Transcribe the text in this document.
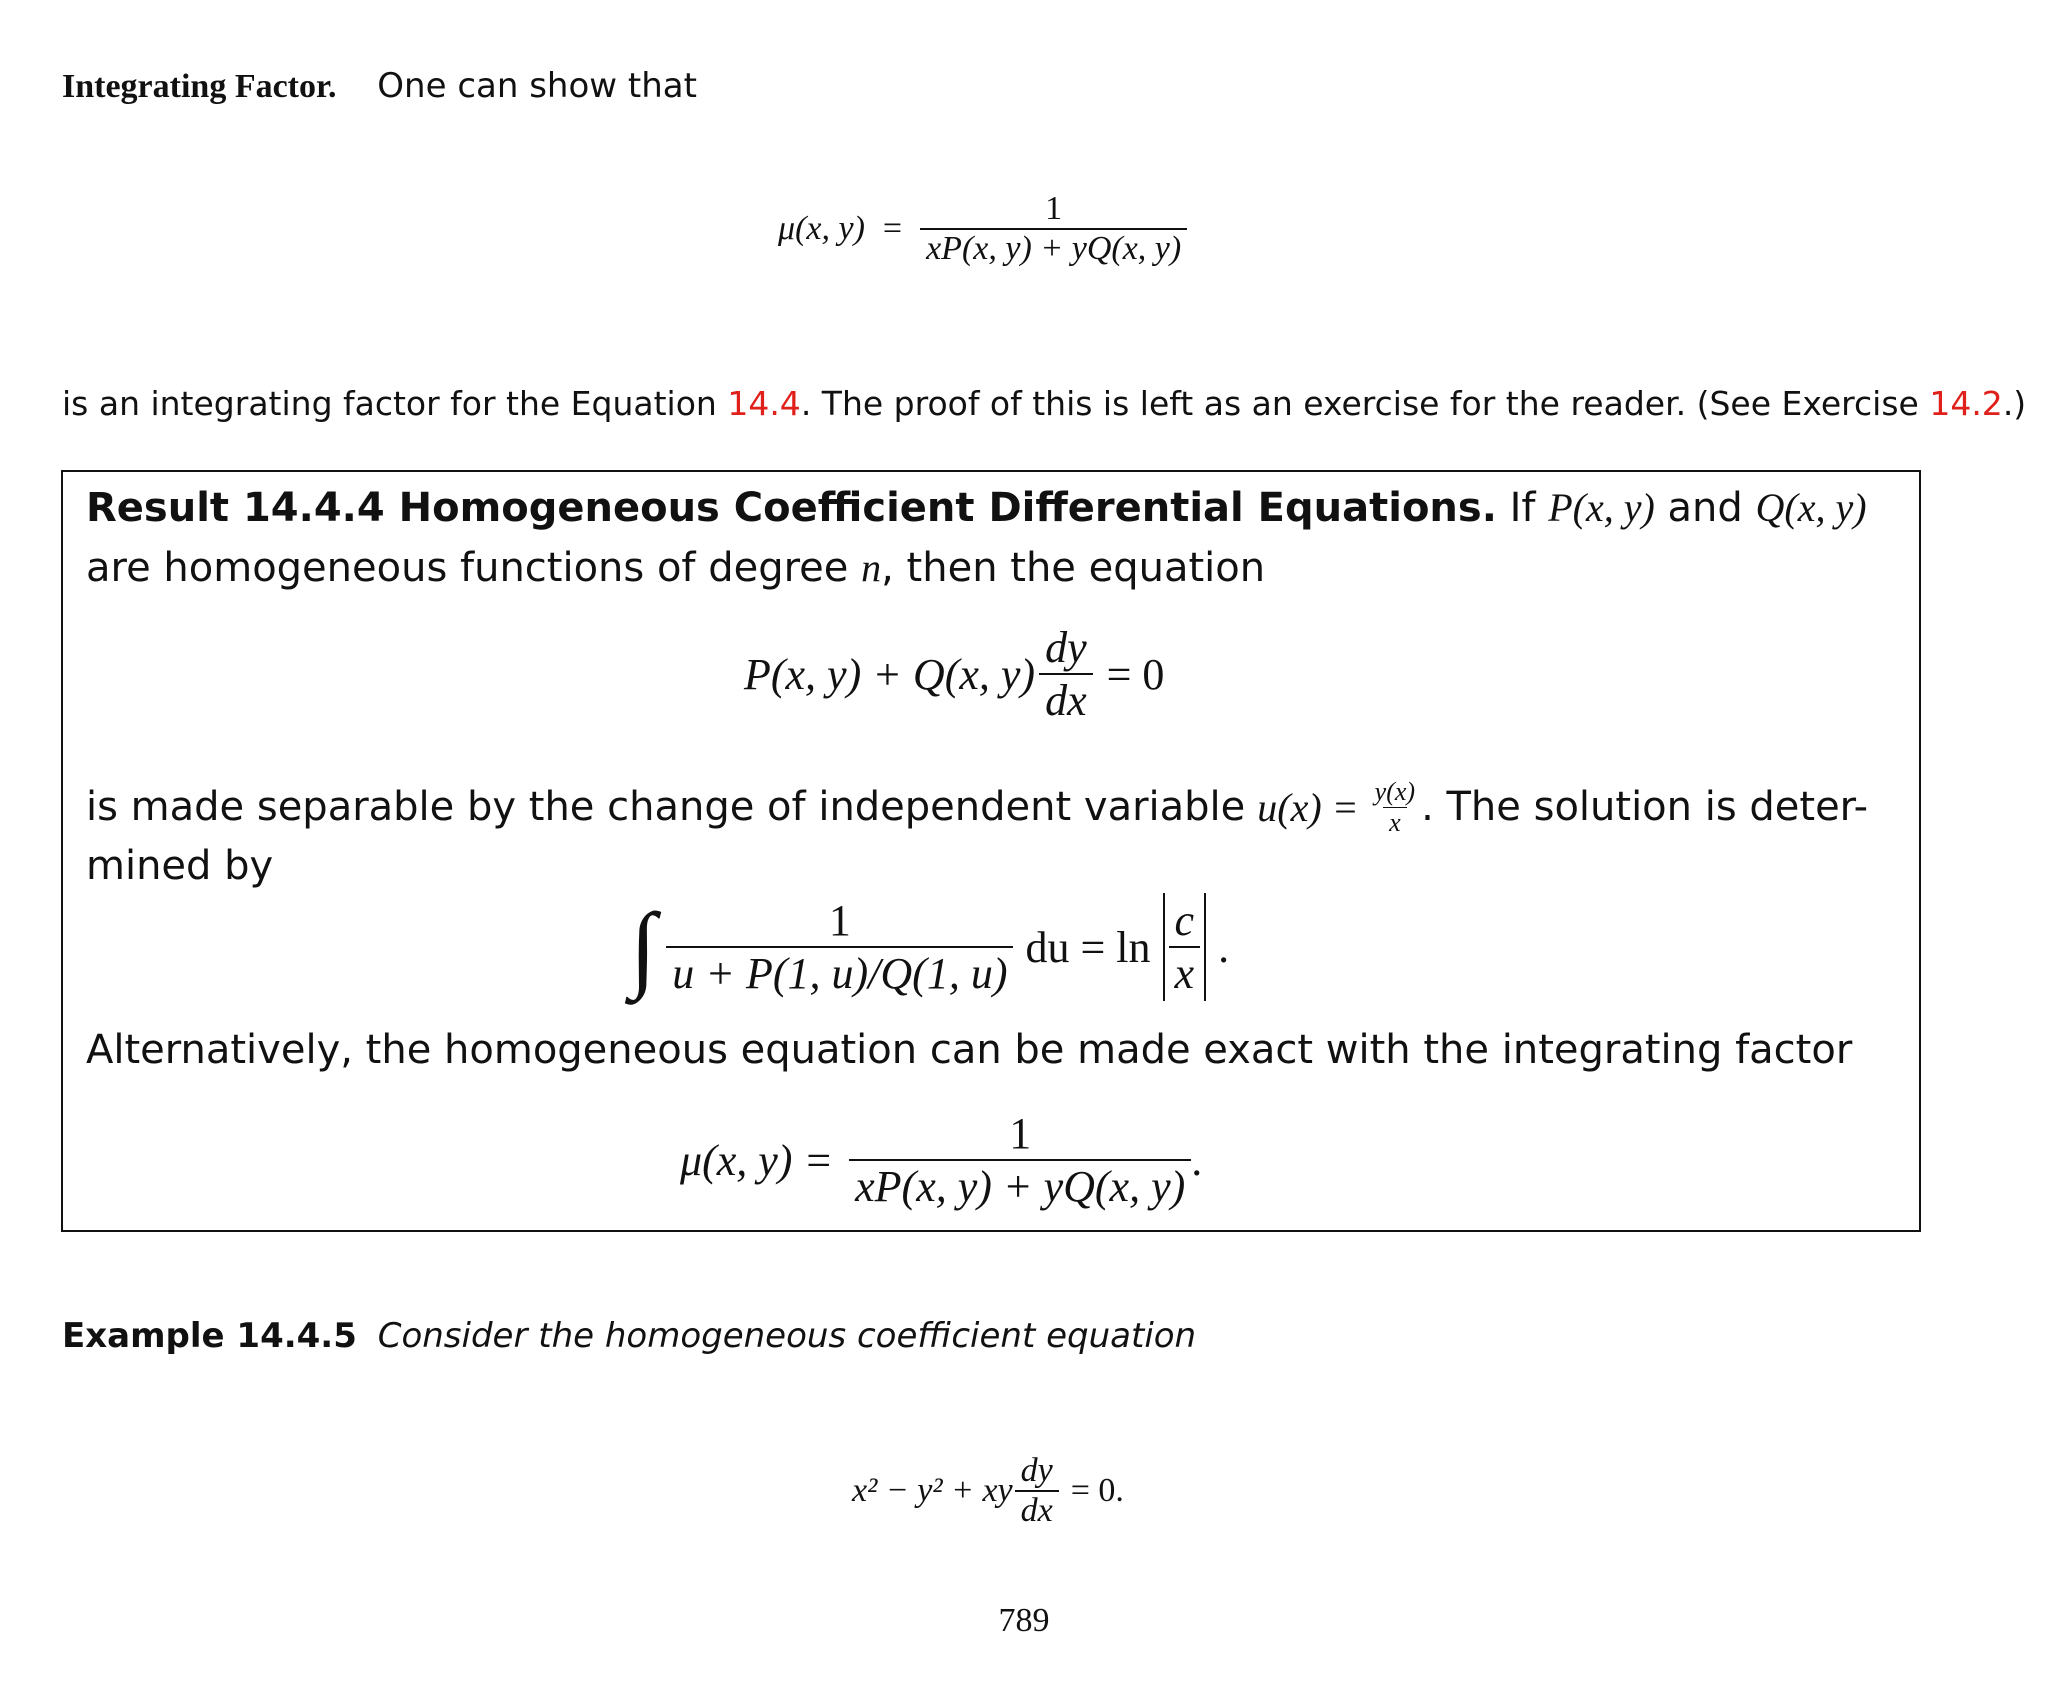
Integrating Factor. One can show that
μ(x, $y) = \frac{1}{xP(x, y) + yQ(x, y)}$
is an integrating factor for the Equation 14.4. The proof of this is left as an exercise for the reader. (See Exercise 14.2.)
Result 14.4.4 Homogeneous Coefficient Differential Equations. If P(x, y) and Q(x, y)
are homogeneous functions of degree n, then the equation
P(x, y) + Q(x, $y) \frac{dy}{dx} = 0$
is made separable by the change of independent variable $u(x) = \frac{y(x)}{x}$ . The solution is deter-
mined by
∫ $\frac{1}{u + P(1, u)/Q(1, u)}$ du = $\ln \frac{c}{x}$ .
Alternatively, the homogeneous equation can be made exact with the integrating factor
μ(x, $y) = \frac{1}{xP(x, y) + yQ(x, y)}$ .
Example 14.4.5 Consider the homogeneous coefficient equation
x² − y² + xy $\frac{dy}{dx} = 0$.
789
